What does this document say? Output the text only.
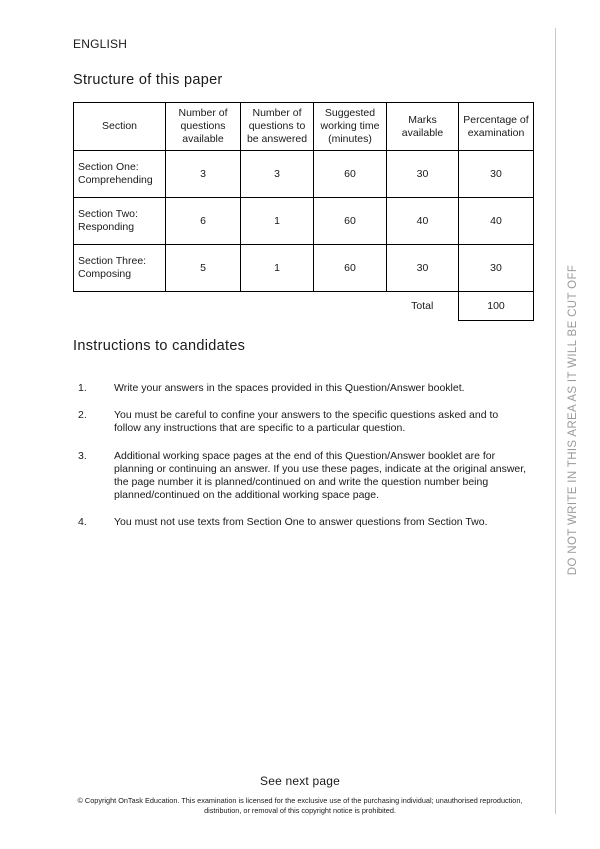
ENGLISH
Structure of this paper
Section	Number of questions available	Number of questions to be answered	Suggested working time (minutes)	Marks available	Percentage of examination
Section One: Comprehending	3	3	60	30	30
Section Two: Responding	6	1	60	40	40
Section Three: Composing	5	1	60	30	30
				Total	100
Instructions to candidates
1.	Write your answers in the spaces provided in this Question/Answer booklet.
2.	You must be careful to confine your answers to the specific questions asked and to follow any instructions that are specific to a particular question.
3.	Additional working space pages at the end of this Question/Answer booklet are for planning or continuing an answer. If you use these pages, indicate at the original answer, the page number it is planned/continued on and write the question number being planned/continued on the additional working space page.
4.	You must not use texts from Section One to answer questions from Section Two.	DO NOT WRITE IN THIS AREA AS IT WILL BE CUT OFF
See next page
© Copyright OnTask Education. This examination is licensed for the exclusive use of the purchasing individual; unauthorised reproduction, distribution, or removal of this copyright notice is prohibited.
